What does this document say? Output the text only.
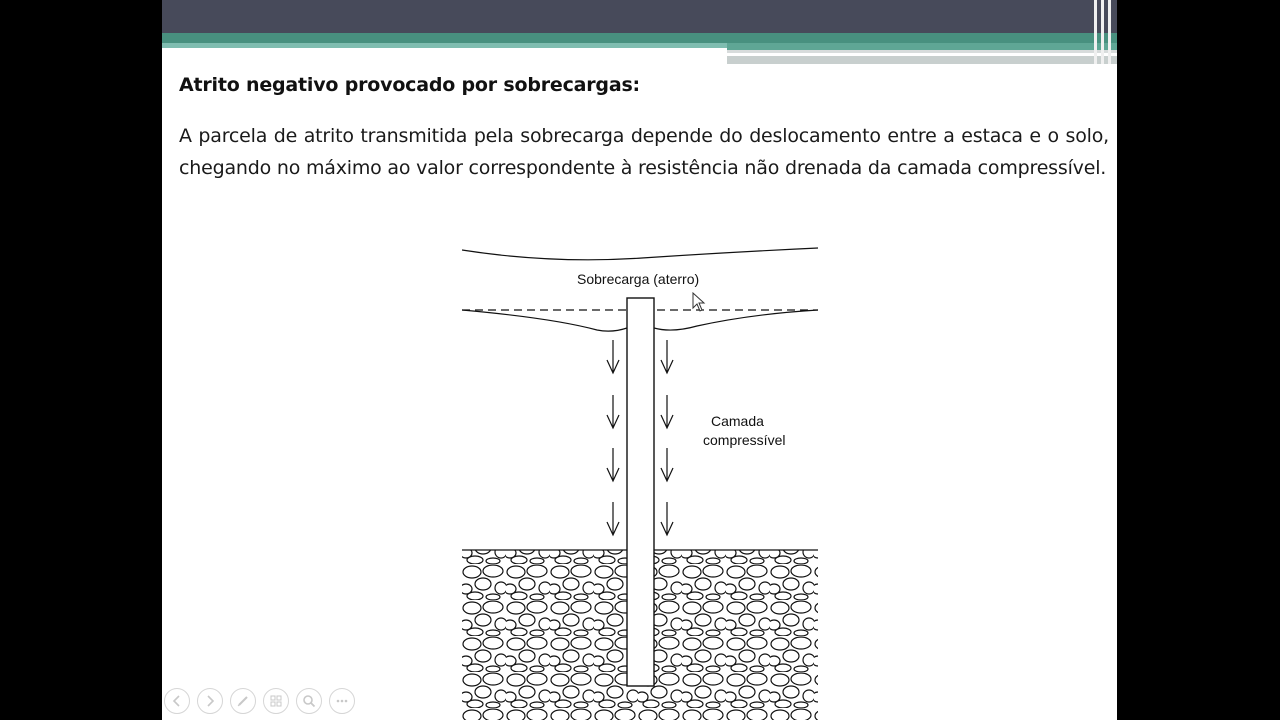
Atrito negativo provocado por sobrecargas:

A parcela de atrito transmitida pela sobrecarga depende do deslocamento entre a estaca e o solo, chegando no máximo ao valor correspondente à resistência não drenada da camada compressível.

Sobrecarga (aterro)
Camada
compressível
